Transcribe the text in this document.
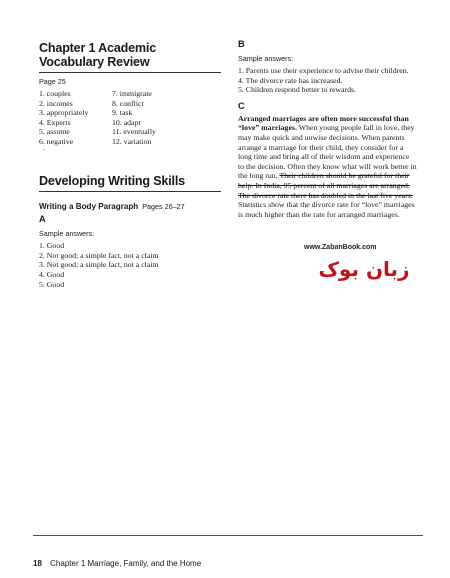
Chapter 1 Academic
Vocabulary Review
Page 25
1. couples
2. incomes
3. appropriately
4. Experts
5. assume
6. negative
`
7. immigrate
8. conflict
9. task
10. adapt
11. eventually
12. variation
Developing Writing Skills
Writing a Body Paragraph Pages 26–27
A
Sample answers:
1. Good
2. Not good; a simple fact, not a claim
3. Not good; a simple fact, not a claim
4. Good
5. Good
B
Sample answers:
1. Parents use their experience to advise their children.
4. The divorce rate has increased.
5. Children respond better to rewards.
C
Arranged marriages are often more successful than
“love” marriages. When young people fall in love, they
may make quick and unwise decisions. When parents
arrange a marriage for their child, they consider for a
long time and bring all of their wisdom and experience
to the decision. Often they know what will work better in
the long run. Their children should be grateful for their
help. In India, 95 percent of all marriages are arranged.
The divorce rate there has doubled in the last five years.
Statistics show that the divorce rate for “love” marriages
is much higher than the rate for arranged marriages.
www.ZabanBook.com
زبان بوک
18 Chapter 1 Marriage, Family, and the Home
